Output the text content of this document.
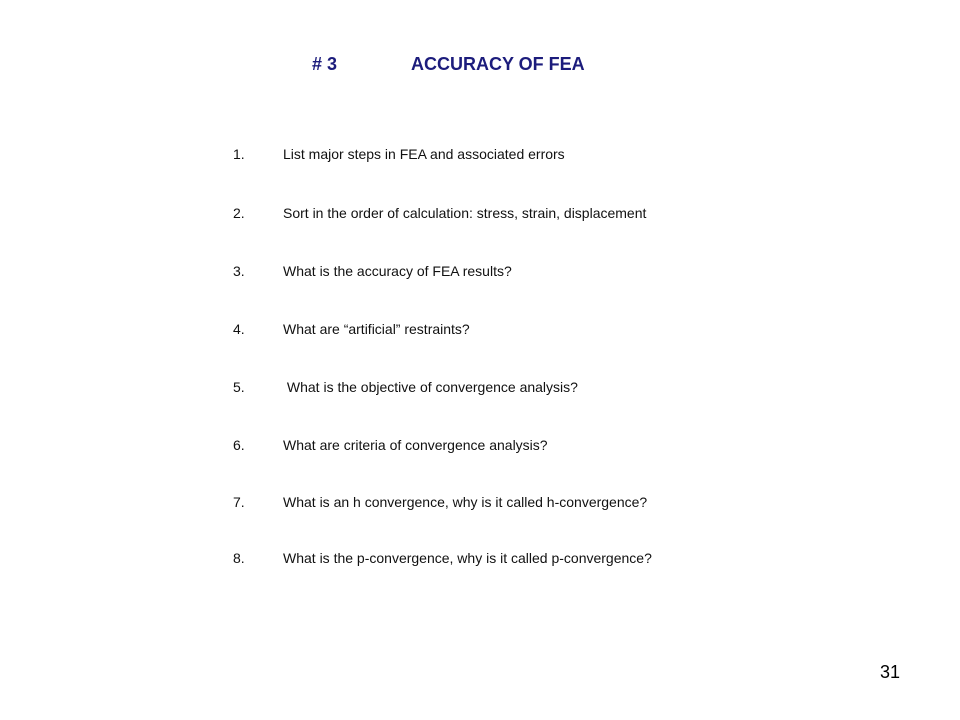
# 3	ACCURACY OF FEA
1.	List major steps in FEA and associated errors
2.	Sort in the order of calculation: stress, strain, displacement
3.	What is the accuracy of FEA results?
4.	What are “artificial” restraints?
5.	What is the objective of convergence analysis?
6.	What are criteria of convergence analysis?
7.	What is an h convergence, why is it called h-convergence?
8.	What is the p-convergence, why is it called p-convergence?
31
